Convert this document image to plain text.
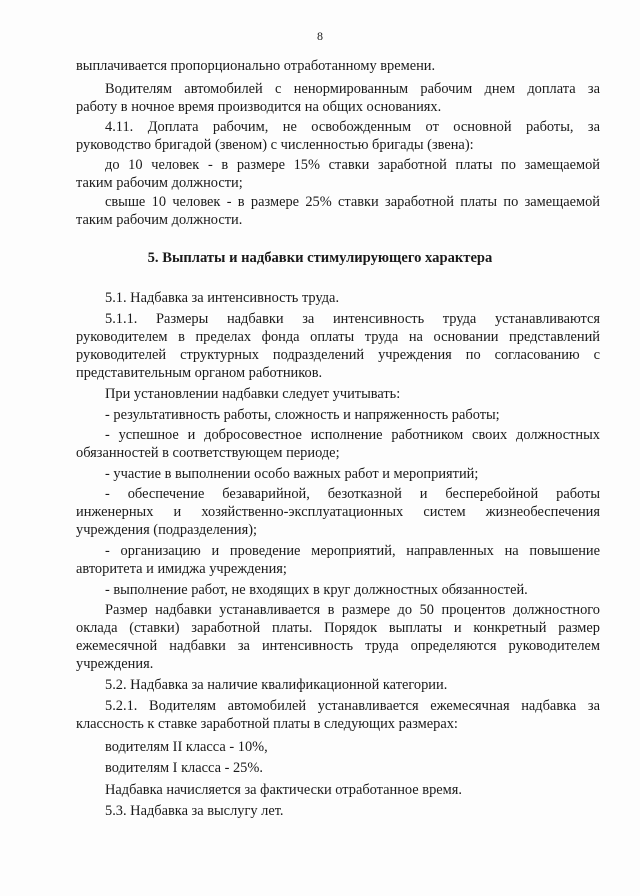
8
выплачивается пропорционально отработанному времени.
Водителям автомобилей с ненормированным рабочим днем доплата за
работу в ночное время производится на общих основаниях.
4.11. Доплата рабочим, не освобожденным от основной работы, за
руководство бригадой (звеном) с численностью бригады (звена):
до 10 человек - в размере 15% ставки заработной платы по замещаемой
таким рабочим должности;
свыше 10 человек - в размере 25% ставки заработной платы по замещаемой
таким рабочим должности.
5. Выплаты и надбавки стимулирующего характера
5.1. Надбавка за интенсивность труда.
5.1.1. Размеры надбавки за интенсивность труда устанавливаются
руководителем в пределах фонда оплаты труда на основании представлений
руководителей структурных подразделений учреждения по согласованию с
представительным органом работников.
При установлении надбавки следует учитывать:
- результативность работы, сложность и напряженность работы;
- успешное и добросовестное исполнение работником своих должностных
обязанностей в соответствующем периоде;
- участие в выполнении особо важных работ и мероприятий;
- обеспечение безаварийной, безотказной и бесперебойной работы
инженерных и хозяйственно-эксплуатационных систем жизнеобеспечения
учреждения (подразделения);
- организацию и проведение мероприятий, направленных на повышение
авторитета и имиджа учреждения;
- выполнение работ, не входящих в круг должностных обязанностей.
Размер надбавки устанавливается в размере до 50 процентов должностного
оклада (ставки) заработной платы. Порядок выплаты и конкретный размер
ежемесячной надбавки за интенсивность труда определяются руководителем
учреждения.
5.2. Надбавка за наличие квалификационной категории.
5.2.1. Водителям автомобилей устанавливается ежемесячная надбавка за
классность к ставке заработной платы в следующих размерах:
водителям II класса - 10%,
водителям I класса - 25%.
Надбавка начисляется за фактически отработанное время.
5.3. Надбавка за выслугу лет.
